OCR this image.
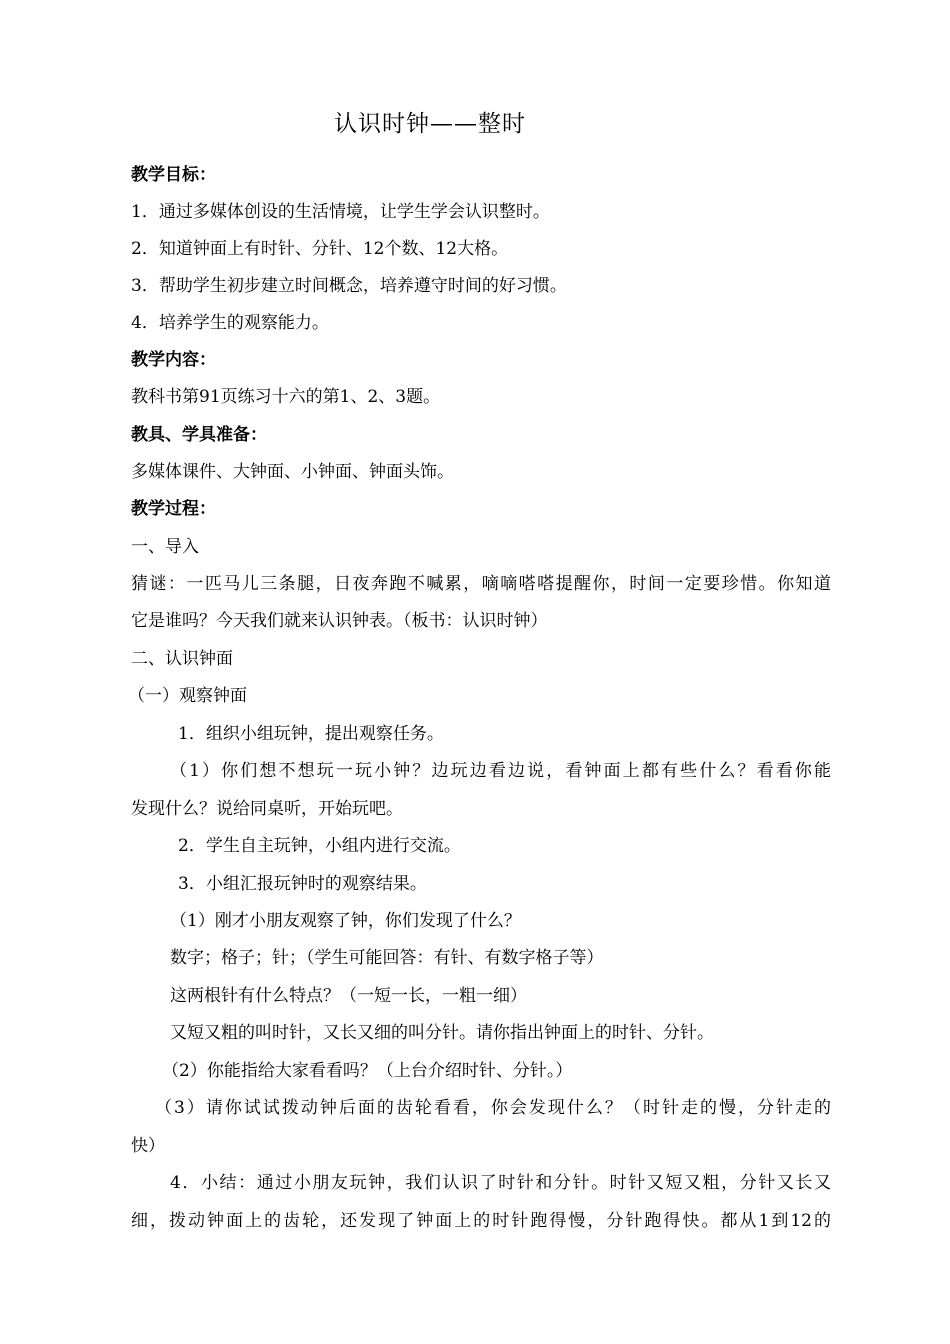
认识时钟——整时
教学目标：
1．通过多媒体创设的生活情境，让学生学会认识整时。
2．知道钟面上有时针、分针、12个数、12大格。
3．帮助学生初步建立时间概念，培养遵守时间的好习惯。
4．培养学生的观察能力。
教学内容：
教科书第91页练习十六的第1、2、3题。
教具、学具准备：
多媒体课件、大钟面、小钟面、钟面头饰。
教学过程：
一、导入
猜谜：一匹马儿三条腿，日夜奔跑不喊累，嘀嘀嗒嗒提醒你，时间一定要珍惜。你知道
它是谁吗？今天我们就来认识钟表。（板书：认识时钟）
二、认识钟面
（一）观察钟面
1．组织小组玩钟，提出观察任务。
（1）你们想不想玩一玩小钟？边玩边看边说，看钟面上都有些什么？看看你能
发现什么？说给同桌听，开始玩吧。
2．学生自主玩钟，小组内进行交流。
3．小组汇报玩钟时的观察结果。
（1）刚才小朋友观察了钟，你们发现了什么？
数字；格子；针；（学生可能回答：有针、有数字格子等）
这两根针有什么特点？（一短一长，一粗一细）
又短又粗的叫时针，又长又细的叫分针。请你指出钟面上的时针、分针。
（2）你能指给大家看看吗？（上台介绍时针、分针。）
（3）请你试试拨动钟后面的齿轮看看，你会发现什么？（时针走的慢，分针走的
快）
4．小结：通过小朋友玩钟，我们认识了时针和分针。时针又短又粗，分针又长又
细，拨动钟面上的齿轮，还发现了钟面上的时针跑得慢，分针跑得快。都从1到12的
